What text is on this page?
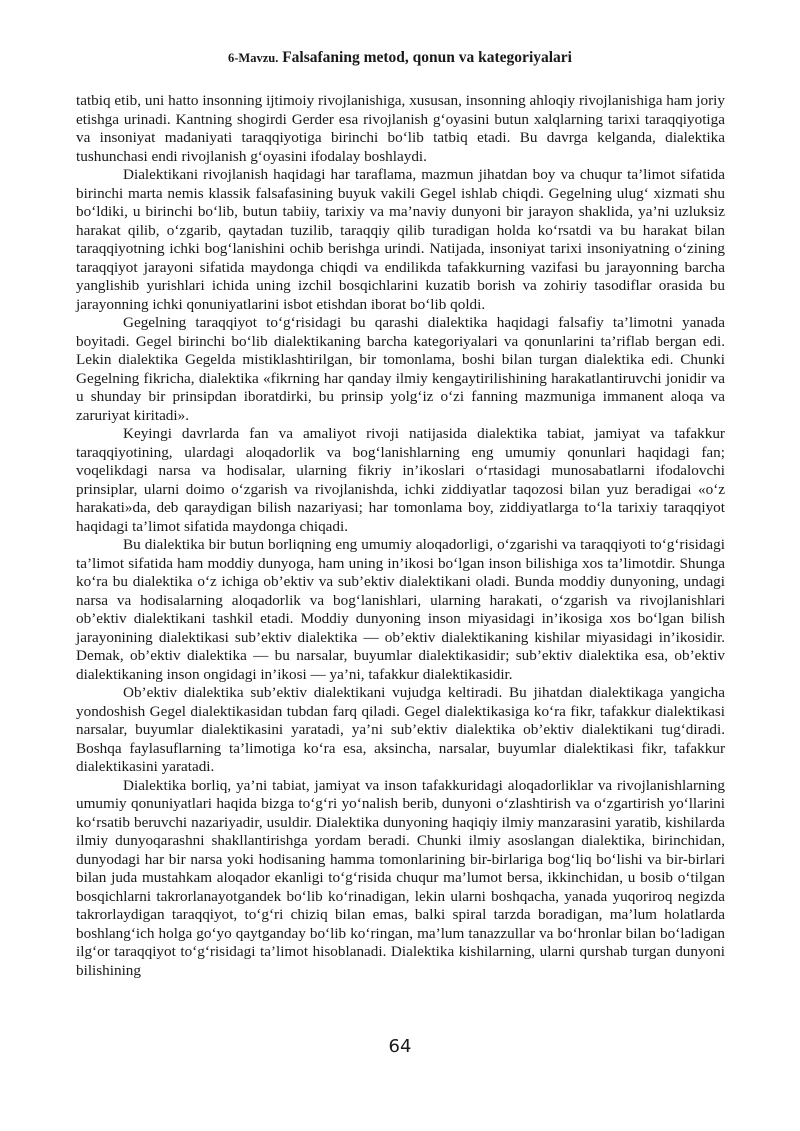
6-Mavzu. Falsafaning metod, qonun va kategoriyalari

tatbiq etib, uni hatto insonning ijtimoiy rivojlanishiga, xususan, insonning ahloqiy rivojlanishiga ham joriy etishga urinadi. Kantning shogirdi Gerder esa rivojlanish g‘oyasini butun xalqlarning tarixi taraqqiyotiga va insoniyat madaniyati taraqqiyotiga birinchi bo‘lib tatbiq etadi. Bu davrga kelganda, dialektika tushunchasi endi rivojlanish g‘oyasini ifodalay boshlaydi.

Dialektikani rivojlanish haqidagi har taraflama, mazmun jihatdan boy va chuqur ta’limot sifatida birinchi marta nemis klassik falsafasining buyuk vakili Gegel ishlab chiqdi. Gegelning ulug‘ xizmati shu bo‘ldiki, u birinchi bo‘lib, butun tabiiy, tarixiy va ma’naviy dunyoni bir jarayon shaklida, ya’ni uzluksiz harakat qilib, o‘zgarib, qaytadan tuzilib, taraqqiy qilib turadigan holda ko‘rsatdi va bu harakat bilan taraqqiyotning ichki bog‘lanishini ochib berishga urindi. Natijada, insoniyat tarixi insoniyatning o‘zining taraqqiyot jarayoni sifatida maydonga chiqdi va endilikda tafakkurning vazifasi bu jarayonning barcha yanglishib yurishlari ichida uning izchil bosqichlarini kuzatib borish va zohiriy tasodiflar orasida bu jarayonning ichki qonuniyatlarini isbot etishdan iborat bo‘lib qoldi.

Gegelning taraqqiyot to‘g‘risidagi bu qarashi dialektika haqidagi falsafiy ta’limotni yanada boyitadi. Gegel birinchi bo‘lib dialektikaning barcha kategoriyalari va qonunlarini ta’riflab bergan edi. Lekin dialektika Gegelda mistiklashtirilgan, bir tomonlama, boshi bilan turgan dialektika edi. Chunki Gegelning fikricha, dialektika «fikrning har qanday ilmiy kengaytirilishining harakatlantiruvchi jonidir va u shunday bir prinsipdan iboratdirki, bu prinsip yolg‘iz o‘zi fanning mazmuniga immanent aloqa va zaruriyat kiritadi».

Keyingi davrlarda fan va amaliyot rivoji natijasida dialektika tabiat, jamiyat va tafakkur taraqqiyotining, ulardagi aloqadorlik va bog‘lanishlarning eng umumiy qonunlari haqidagi fan; voqelikdagi narsa va hodisalar, ularning fikriy in’ikoslari o‘rtasidagi munosabatlarni ifodalovchi prinsiplar, ularni doimo o‘zgarish va rivojlanishda, ichki ziddiyatlar taqozosi bilan yuz beradigai «o‘z harakati»da, deb qaraydigan bilish nazariyasi; har tomonlama boy, ziddiyatlarga to‘la tarixiy taraqqiyot haqidagi ta’limot sifatida maydonga chiqadi.

Bu dialektika bir butun borliqning eng umumiy aloqadorligi, o‘zgarishi va taraqqiyoti to‘g‘risidagi ta’limot sifatida ham moddiy dunyoga, ham uning in’ikosi bo‘lgan inson bilishiga xos ta’limotdir. Shunga ko‘ra bu dialektika o‘z ichiga ob’ektiv va sub’ektiv dialektikani oladi. Bunda moddiy dunyoning, undagi narsa va hodisalarning aloqadorlik va bog‘lanishlari, ularning harakati, o‘zgarish va rivojlanishlari ob’ektiv dialektikani tashkil etadi. Moddiy dunyoning inson miyasidagi in’ikosiga xos bo‘lgan bilish jarayonining dialektikasi sub’ektiv dialektika — ob’ektiv dialektikaning kishilar miyasidagi in’ikosidir. Demak, ob’ektiv dialektika — bu narsalar, buyumlar dialektikasidir; sub’ektiv dialektika esa, ob’ektiv dialektikaning inson ongidagi in’ikosi — ya’ni, tafakkur dialektikasidir.

Ob’ektiv dialektika sub’ektiv dialektikani vujudga keltiradi. Bu jihatdan dialektikaga yangicha yondoshish Gegel dialektikasidan tubdan farq qiladi. Gegel dialektikasiga ko‘ra fikr, tafakkur dialektikasi narsalar, buyumlar dialektikasini yaratadi, ya’ni sub’ektiv dialektika ob’ektiv dialektikani tug‘diradi. Boshqa faylasuflarning ta’limotiga ko‘ra esa, aksincha, narsalar, buyumlar dialektikasi fikr, tafakkur dialektikasini yaratadi.

Dialektika borliq, ya’ni tabiat, jamiyat va inson tafakkuridagi aloqadorliklar va rivojlanishlarning umumiy qonuniyatlari haqida bizga to‘g‘ri yo‘nalish berib, dunyoni o‘zlashtirish va o‘zgartirish yo‘llarini ko‘rsatib beruvchi nazariyadir, usuldir. Dialektika dunyoning haqiqiy ilmiy manzarasini yaratib, kishilarda ilmiy dunyoqarashni shakllantirishga yordam beradi. Chunki ilmiy asoslangan dialektika, birinchidan, dunyodagi har bir narsa yoki hodisaning hamma tomonlarining bir-birlariga bog‘liq bo‘lishi va bir-birlari bilan juda mustahkam aloqador ekanligi to‘g‘risida chuqur ma’lumot bersa, ikkinchidan, u bosib o‘tilgan bosqichlarni takrorlanayotgandek bo‘lib ko‘rinadigan, lekin ularni boshqacha, yanada yuqoriroq negizda takrorlaydigan taraqqiyot, to‘g‘ri chiziq bilan emas, balki spiral tarzda boradigan, ma’lum holatlarda boshlang‘ich holga go‘yo qaytganday bo‘lib ko‘ringan, ma’lum tanazzullar va bo‘hronlar bilan bo‘ladigan ilg‘or taraqqiyot to‘g‘risidagi ta’limot hisoblanadi. Dialektika kishilarning, ularni qurshab turgan dunyoni bilishining

64
